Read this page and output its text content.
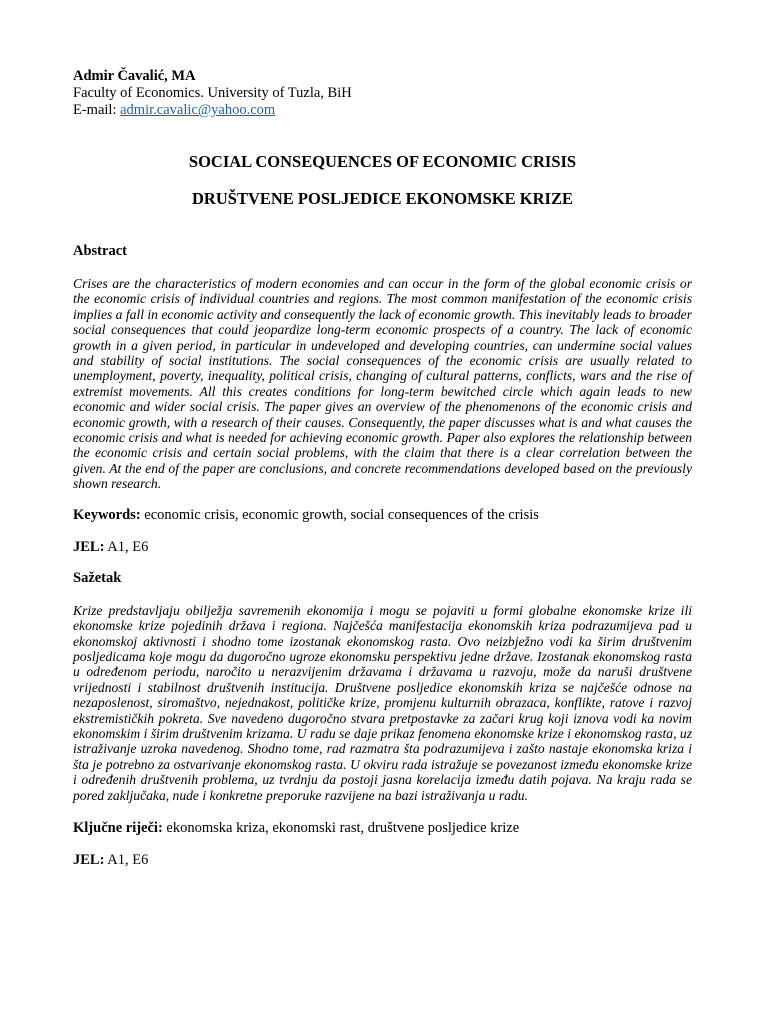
Admir Čavalić, MA
Faculty of Economics. University of Tuzla, BiH
E-mail: admir.cavalic@yahoo.com
SOCIAL CONSEQUENCES OF ECONOMIC CRISIS
DRUŠTVENE POSLJEDICE EKONOMSKE KRIZE
Abstract

Crises are the characteristics of modern economies and can occur in the form of the global economic crisis or the economic crisis of individual countries and regions. The most common manifestation of the economic crisis implies a fall in economic activity and consequently the lack of economic growth. This inevitably leads to broader social consequences that could jeopardize long-term economic prospects of a country. The lack of economic growth in a given period, in particular in undeveloped and developing countries, can undermine social values and stability of social institutions. The social consequences of the economic crisis are usually related to unemployment, poverty, inequality, political crisis, changing of cultural patterns, conflicts, wars and the rise of extremist movements. All this creates conditions for long-term bewitched circle which again leads to new economic and wider social crisis. The paper gives an overview of the phenomenons of the economic crisis and economic growth, with a research of their causes. Consequently, the paper discusses what is and what causes the economic crisis and what is needed for achieving economic growth. Paper also explores the relationship between the economic crisis and certain social problems, with the claim that there is a clear correlation between the given. At the end of the paper are conclusions, and concrete recommendations developed based on the previously shown research.

Keywords: economic crisis, economic growth, social consequences of the crisis

JEL: A1, E6

Sažetak

Krize predstavljaju obilježja savremenih ekonomija i mogu se pojaviti u formi globalne ekonomske krize ili ekonomske krize pojedinih država i regiona. Najčešća manifestacija ekonomskih kriza podrazumijeva pad u ekonomskoj aktivnosti i shodno tome izostanak ekonomskog rasta. Ovo neizbježno vodi ka širim društvenim posljedicama koje mogu da dugoročno ugroze ekonomsku perspektivu jedne države. Izostanak ekonomskog rasta u određenom periodu, naročito u nerazvijenim državama i državama u razvoju, može da naruši društvene vrijednosti i stabilnost društvenih institucija. Društvene posljedice ekonomskih kriza se najčešće odnose na nezaposlenost, siromaštvo, nejednakost, političke krize, promjenu kulturnih obrazaca, konflikte, ratove i razvoj ekstremističkih pokreta. Sve navedeno dugoročno stvara pretpostavke za začari krug koji iznova vodi ka novim ekonomskim i širim društvenim krizama. U radu se daje prikaz fenomena ekonomske krize i ekonomskog rasta, uz istraživanje uzroka navedenog. Shodno tome, rad razmatra šta podrazumijeva i zašto nastaje ekonomska kriza i šta je potrebno za ostvarivanje ekonomskog rasta. U okviru rada istražuje se povezanost između ekonomske krize i određenih društvenih problema, uz tvrdnju da postoji jasna korelacija između datih pojava. Na kraju rada se pored zaključaka, nude i konkretne preporuke razvijene na bazi istraživanja u radu.

Ključne riječi: ekonomska kriza, ekonomski rast, društvene posljedice krize

JEL: A1, E6
